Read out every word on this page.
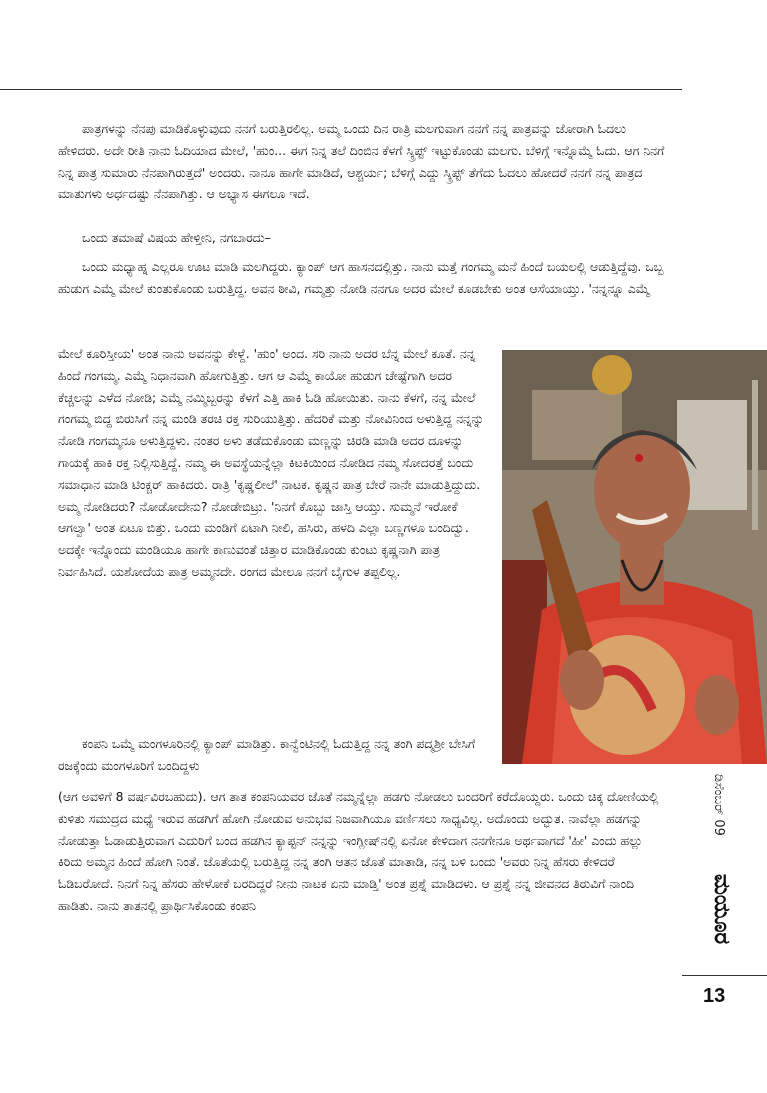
ಪಾತ್ರಗಳನ್ನು ನೆನಪು ಮಾಡಿಕೊಳ್ಳುವುದು ನನಗೆ ಬರುತ್ತಿರಲಿಲ್ಲ. ಅಮ್ಮ ಒಂದು ದಿನ ರಾತ್ರಿ ಮಲಗುವಾಗ ನನಗೆ ನನ್ನ ಪಾತ್ರವನ್ನು ಜೋರಾಗಿ ಓದಲು ಹೇಳಿದರು. ಅದೇ ರೀತಿ ನಾನು ಓದಿಯಾದ ಮೇಲೆ, 'ಹುಂ... ಈಗ ನಿನ್ನ ತಲೆ ದಿಂಬಿನ ಕೆಳಗೆ ಸ್ಕ್ರಿಪ್ಟ್ ಇಟ್ಟುಕೊಂಡು ಮಲಗು. ಬೆಳಿಗ್ಗೆ ಇನ್ನೊಮ್ಮೆ ಓದು. ಆಗ ನಿನಗೆ ನಿನ್ನ ಪಾತ್ರ ಸುಮಾರು ನೆನಪಾಗಿರುತ್ತದೆ' ಅಂದರು. ನಾನೂ ಹಾಗೇ ಮಾಡಿದೆ, ಆಶ್ಚರ್ಯ; ಬೆಳಿಗ್ಗೆ ಎದ್ದು ಸ್ಕ್ರಿಪ್ಟ್ ತೆಗೆದು ಓದಲು ಹೋದರೆ ನನಗೆ ನನ್ನ ಪಾತ್ರದ ಮಾತುಗಳು ಅರ್ಧದಷ್ಟು ನೆನಪಾಗಿತ್ತು. ಆ ಅಭ್ಯಾಸ ಈಗಲೂ ಇದೆ.

ಒಂದು ತಮಾಷೆ ವಿಷಯ ಹೇಳ್ತೀನಿ, ನಗಬಾರದು–

ಒಂದು ಮಧ್ಯಾಹ್ನ ಎಲ್ಲರೂ ಊಟ ಮಾಡಿ ಮಲಗಿದ್ದರು. ಕ್ಯಾಂಪ್ ಆಗ ಹಾಸನದಲ್ಲಿತ್ತು. ನಾನು ಮತ್ತೆ ಗಂಗಮ್ಮ ಮನೆ ಹಿಂದೆ ಬಯಲಲ್ಲಿ ಆಡುತ್ತಿದ್ದೆವು. ಒಬ್ಬ ಹುಡುಗ ಎಮ್ಮೆ ಮೇಲೆ ಕುಂತುಕೊಂಡು ಬರುತ್ತಿದ್ದ. ಅವನ ಠೀವಿ, ಗಮ್ಮತ್ತು ನೋಡಿ ನನಗೂ ಅದರ ಮೇಲೆ ಕೂಡಬೇಕು ಅಂತ ಆಸೆಯಾಯ್ತು. 'ನನ್ನನ್ನೂ ಎಮ್ಮೆ

ಮೇಲೆ ಕೂರಿಸ್ತೀಯ' ಅಂತ ನಾನು ಅವನನ್ನು ಕೇಳ್ದೆ. 'ಹುಂ' ಅಂದ. ಸರಿ ನಾನು ಅದರ ಬೆನ್ನ ಮೇಲೆ ಕೂತೆ. ನನ್ನ ಹಿಂದೆ ಗಂಗಮ್ಮ. ಎಮ್ಮೆ ನಿಧಾನವಾಗಿ ಹೋಗುತ್ತಿತ್ತು. ಆಗ ಆ ಎಮ್ಮೆ ಕಾಯೋ ಹುಡುಗ ಚೇಷ್ಟೆಗಾಗಿ ಅದರ ಕೆಚ್ಚಲನ್ನು ಎಳೆದ ನೋಡಿ; ಎಮ್ಮೆ ನಮ್ಮಿಬ್ಬರನ್ನು ಕೆಳಗೆ ಎತ್ತಿ ಹಾಕಿ ಓಡಿ ಹೋಯಿತು. ನಾನು ಕೆಳಗೆ, ನನ್ನ ಮೇಲೆ ಗಂಗಮ್ಮ ಬಿದ್ದ ಬಿರುಸಿಗೆ ನನ್ನ ಮಂಡಿ ತರಚಿ ರಕ್ತ ಸುರಿಯುತ್ತಿತ್ತು. ಹೆದರಿಕೆ ಮತ್ತು ನೋವಿನಿಂದ ಅಳುತ್ತಿದ್ದ ನನ್ನನ್ನು ನೋಡಿ ಗಂಗಮ್ಮನೂ ಅಳುತ್ತಿದ್ದಳು. ನಂತರ ಅಳು ತಡೆದುಕೊಂಡು ಮಣ್ಣನ್ನು ಚಿರಡಿ ಮಾಡಿ ಅದರ ದೂಳನ್ನು ಗಾಯಕ್ಕೆ ಹಾಕಿ ರಕ್ತ ನಿಲ್ಲಿಸುತ್ತಿದ್ದೆ. ನಮ್ಮ ಈ ಅವಸ್ಥೆಯನ್ನೆಲ್ಲಾ ಕಿಟಕಿಯಿಂದ ನೋಡಿದ ನಮ್ಮ ಸೋದರತ್ತೆ ಬಂದು ಸಮಾಧಾನ ಮಾಡಿ ಟಿಂಕ್ಚರ್ ಹಾಕಿದರು. ರಾತ್ರಿ 'ಕೃಷ್ಣಲೀಲೆ' ನಾಟಕ. ಕೃಷ್ಣನ ಪಾತ್ರ ಬೇರೆ ನಾನೇ ಮಾಡುತ್ತಿದ್ದುದು. ಅಮ್ಮ ನೋಡಿದರು? ನೋಡೋದೇನು? ನೋಡೇಬಿಟ್ರು. 'ನಿನಗೆ ಕೊಬ್ಬು ಜಾಸ್ತಿ ಆಯ್ತು. ಸುಮ್ಮನೆ ಇರೋಕೆ ಆಗಲ್ವಾ' ಅಂತ ಏಟೂ ಬಿತ್ತು. ಒಂದು ಮಂಡಿಗೆ ಏಟಾಗಿ ನೀಲಿ, ಹಸಿರು, ಹಳದಿ ಎಲ್ಲಾ ಬಣ್ಣಗಳೂ ಬಂದಿದ್ವು. ಅದಕ್ಕೇ ಇನ್ನೊಂದು ಮಂಡಿಯೂ ಹಾಗೇ ಕಾಣುವಂತೆ ಚಿತ್ತಾರ ಮಾಡಿಕೊಂಡು ಕುಂಟು ಕೃಷ್ಣನಾಗಿ ಪಾತ್ರ ನಿರ್ವಹಿಸಿದೆ. ಯಶೋದೆಯ ಪಾತ್ರ ಅಮ್ಮನದೇ. ರಂಗದ ಮೇಲೂ ನನಗೆ ಬೈಗುಳ ತಪ್ಪಲಿಲ್ಲ.

ಕಂಪನಿ ಒಮ್ಮೆ ಮಂಗಳೂರಿನಲ್ಲಿ ಕ್ಯಾಂಪ್ ಮಾಡಿತ್ತು. ಕಾನ್ವೆಂಟಿನಲ್ಲಿ ಓದುತ್ತಿದ್ದ ನನ್ನ ತಂಗಿ ಪದ್ಮಶ್ರೀ ಬೇಸಿಗೆ ರಜಕ್ಕೆಂದು ಮಂಗಳೂರಿಗೆ ಬಂದಿದ್ದಳು

(ಆಗ ಅವಳಿಗೆ 8 ವರ್ಷವಿರಬಹುದು). ಆಗ ತಾತ ಕಂಪನಿಯವರ ಜೊತೆ ನಮ್ಮನ್ನೆಲ್ಲಾ ಹಡಗು ನೋಡಲು ಬಂದರಿಗೆ ಕರೆದೊಯ್ದರು. ಒಂದು ಚಿಕ್ಕ ದೋಣಿಯಲ್ಲಿ ಕುಳಿತು ಸಮುದ್ರದ ಮಧ್ಯೆ ಇರುವ ಹಡಗಿಗೆ ಹೋಗಿ ನೋಡುವ ಅನುಭವ ನಿಜವಾಗಿಯೂ ವರ್ಣಿಸಲು ಸಾಧ್ಯವಿಲ್ಲ. ಅದೊಂದು ಅದ್ಭುತ. ನಾವೆಲ್ಲಾ ಹಡಗನ್ನು ನೋಡುತ್ತಾ ಓಡಾಡುತ್ತಿರುವಾಗ ಎದುರಿಗೆ ಬಂದ ಹಡಗಿನ ಕ್ಯಾಪ್ಟನ್ ನನ್ನನ್ನು ಇಂಗ್ಲೀಷ್‌ನಲ್ಲಿ ಏನೋ ಕೇಳಿದಾಗ ನನಗೇನೂ ಅರ್ಥವಾಗದೆ 'ಹೀ' ಎಂದು ಹಲ್ಲು ಕಿರಿದು ಅಮ್ಮನ ಹಿಂದೆ ಹೋಗಿ ನಿಂತೆ. ಜೊತೆಯಲ್ಲಿ ಬರುತ್ತಿದ್ದ ನನ್ನ ತಂಗಿ ಆತನ ಜೊತೆ ಮಾತಾಡಿ, ನನ್ನ ಬಳಿ ಬಂದು 'ಅವರು ನಿನ್ನ ಹೆಸರು ಕೇಳಿದರೆ ಓಡಿಬರೋದೆ. ನಿನಗೆ ನಿನ್ನ ಹೆಸರು ಹೇಳೋಕೆ ಬರದಿದ್ದರೆ ನೀನು ನಾಟಕ ಏನು ಮಾಡ್ತಿ' ಅಂತ ಪ್ರಶ್ನೆ ಮಾಡಿದಳು. ಆ ಪ್ರಶ್ನೆ ನನ್ನ ಜೀವನದ ತಿರುವಿಗೆ ನಾಂದಿ ಹಾಡಿತು. ನಾನು ತಾತನಲ್ಲಿ ಪ್ರಾರ್ಥಿಸಿಕೊಂಡು ಕಂಪನಿ

ಡಿಸೆಂಬರ್ 09
ಮಯೂರ
13
